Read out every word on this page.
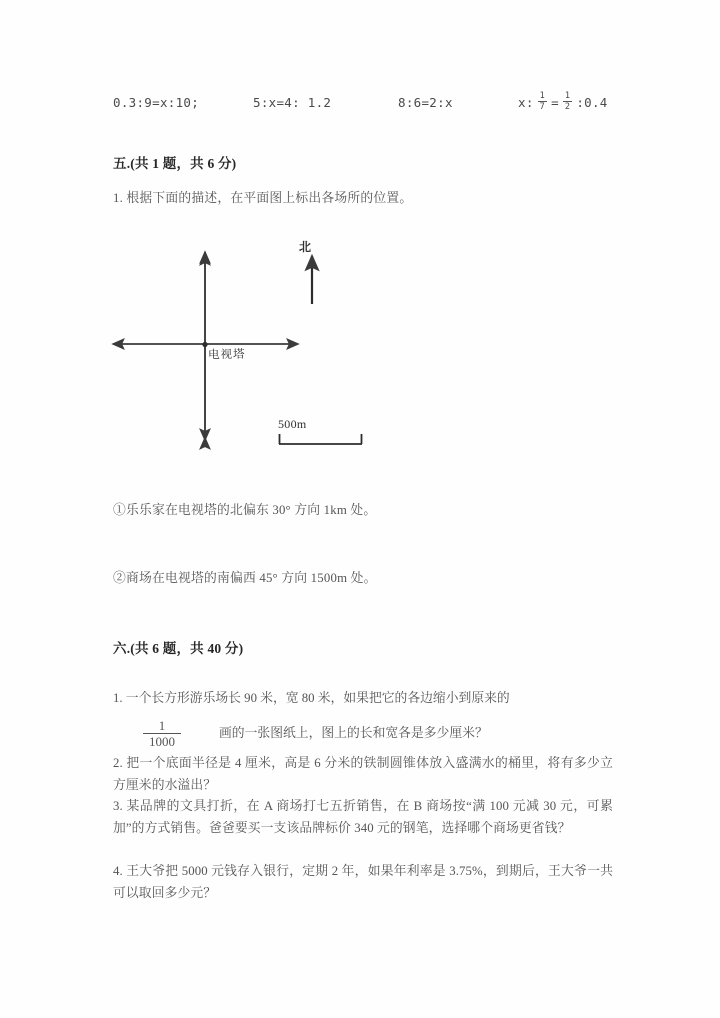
0.3:9=x:10;	5:x=4: 1.2	8:6=2:x	x: $\frac{1}{7} = \frac{1}{2}$ :0.4
五.(共 1 题，共 6 分)
1. 根据下面的描述，在平面图上标出各场所的位置。
电视塔
北
500m
①乐乐家在电视塔的北偏东 30° 方向 1km 处。
②商场在电视塔的南偏西 45° 方向 1500m 处。
六.(共 6 题，共 40 分)
1. 一个长方形游乐场长 90 米，宽 80 米，如果把它的各边缩小到原来的
$\frac{1}{1000}$	画的一张图纸上，图上的长和宽各是多少厘米？
2. 把一个底面半径是 4 厘米，高是 6 分米的铁制圆锥体放入盛满水的桶里，将有多少立方厘米的水溢出？
3. 某品牌的文具打折，在 A 商场打七五折销售，在 B 商场按“满 100 元减 30 元，可累加”的方式销售。爸爸要买一支该品牌标价 340 元的钢笔，选择哪个商场更省钱？
4. 王大爷把 5000 元钱存入银行，定期 2 年，如果年利率是 3.75%，到期后，王大爷一共可以取回多少元？
